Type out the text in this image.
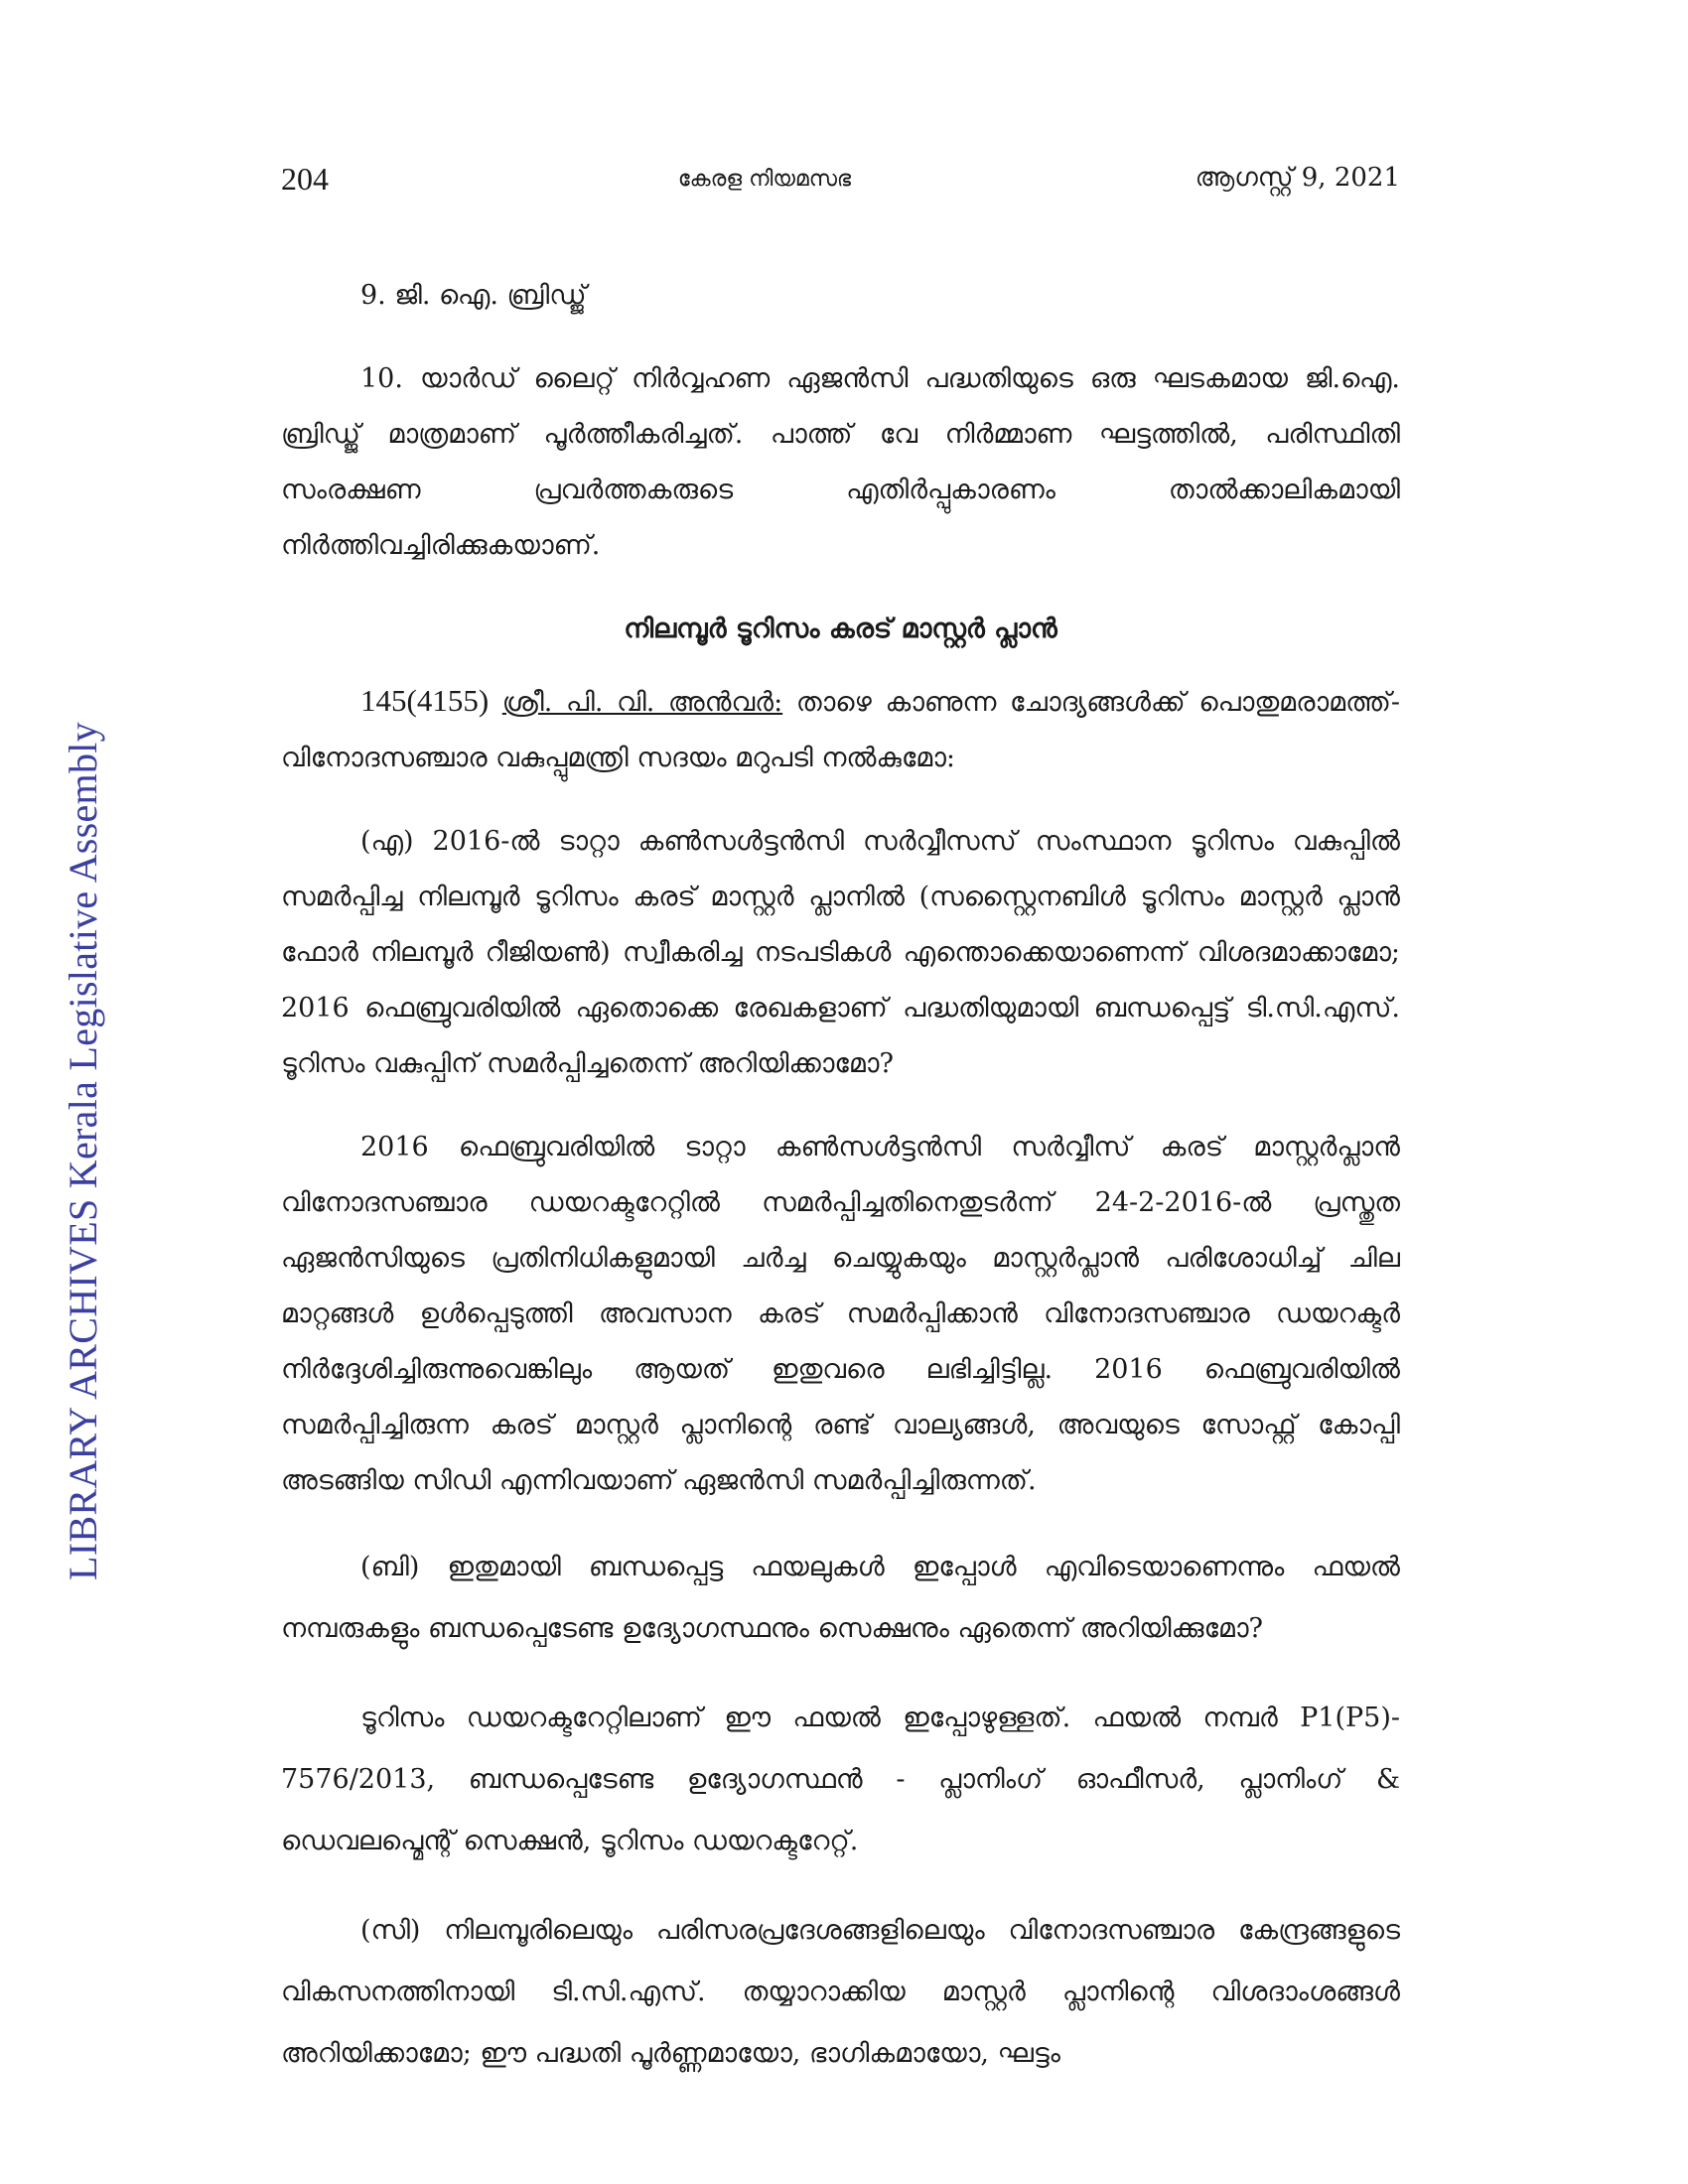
LIBRARY ARCHIVES Kerala Legislative Assembly
204	കേരള നിയമസഭ	ആഗസ്റ്റ് 9, 2021

9. ജി. ഐ. ബ്രിഡ്ജ്

10. യാർഡ് ലൈറ്റ് നിർവ്വഹണ ഏജൻസി പദ്ധതിയുടെ ഒരു ഘടകമായ ജി.ഐ. ബ്രിഡ്ജ് മാത്രമാണ് പൂർത്തീകരിച്ചത്. പാത്ത് വേ നിർമ്മാണ ഘട്ടത്തിൽ, പരിസ്ഥിതി സംരക്ഷണ പ്രവർത്തകരുടെ എതിർപ്പുകാരണം താൽക്കാലികമായി നിർത്തിവച്ചിരിക്കുകയാണ്.

നിലമ്പൂർ ടൂറിസം കരട് മാസ്റ്റർ പ്ലാൻ

145(4155) ശ്രീ. പി. വി. അൻവർ: താഴെ കാണുന്ന ചോദ്യങ്ങൾക്ക് പൊതുമരാമത്ത്-വിനോദസഞ്ചാര വകുപ്പുമന്ത്രി സദയം മറുപടി നൽകുമോ:

(എ) 2016-ൽ ടാറ്റാ കൺസൾട്ടൻസി സർവ്വീസസ് സംസ്ഥാന ടൂറിസം വകുപ്പിൽ സമർപ്പിച്ച നിലമ്പൂർ ടൂറിസം കരട് മാസ്റ്റർ പ്ലാനിൽ (സസ്റ്റൈനബിൾ ടൂറിസം മാസ്റ്റർ പ്ലാൻ ഫോർ നിലമ്പൂർ റീജിയൺ) സ്വീകരിച്ച നടപടികൾ എന്തൊക്കെയാണെന്ന് വിശദമാക്കാമോ; 2016 ഫെബ്രുവരിയിൽ ഏതൊക്കെ രേഖകളാണ് പദ്ധതിയുമായി ബന്ധപ്പെട്ട് ടി.സി.എസ്. ടൂറിസം വകുപ്പിന് സമർപ്പിച്ചതെന്ന് അറിയിക്കാമോ?

2016 ഫെബ്രുവരിയിൽ ടാറ്റാ കൺസൾട്ടൻസി സർവ്വീസ് കരട് മാസ്റ്റർപ്ലാൻ വിനോദസഞ്ചാര ഡയറക്ടറേറ്റിൽ സമർപ്പിച്ചതിനെതുടർന്ന് 24-2-2016-ൽ പ്രസ്തുത ഏജൻസിയുടെ പ്രതിനിധികളുമായി ചർച്ച ചെയ്യുകയും മാസ്റ്റർപ്ലാൻ പരിശോധിച്ച് ചില മാറ്റങ്ങൾ ഉൾപ്പെടുത്തി അവസാന കരട് സമർപ്പിക്കാൻ വിനോദസഞ്ചാര ഡയറക്ടർ നിർദ്ദേശിച്ചിരുന്നുവെങ്കിലും ആയത് ഇതുവരെ ലഭിച്ചിട്ടില്ല. 2016 ഫെബ്രുവരിയിൽ സമർപ്പിച്ചിരുന്ന കരട് മാസ്റ്റർ പ്ലാനിന്റെ രണ്ട് വാല്യങ്ങൾ, അവയുടെ സോഫ്റ്റ് കോപ്പി അടങ്ങിയ സിഡി എന്നിവയാണ് ഏജൻസി സമർപ്പിച്ചിരുന്നത്.

(ബി) ഇതുമായി ബന്ധപ്പെട്ട ഫയലുകൾ ഇപ്പോൾ എവിടെയാണെന്നും ഫയൽ നമ്പരുകളും ബന്ധപ്പെടേണ്ട ഉദ്യോഗസ്ഥനും സെക്ഷനും ഏതെന്ന് അറിയിക്കുമോ?

ടൂറിസം ഡയറക്ടറേറ്റിലാണ് ഈ ഫയൽ ഇപ്പോഴുള്ളത്. ഫയൽ നമ്പർ P1(P5)- 7576/2013, ബന്ധപ്പെടേണ്ട ഉദ്യോഗസ്ഥൻ - പ്ലാനിംഗ് ഓഫീസർ, പ്ലാനിംഗ് & ഡെവലപ്മെന്റ് സെക്ഷൻ, ടൂറിസം ഡയറക്ടറേറ്റ്.

(സി) നിലമ്പൂരിലെയും പരിസരപ്രദേശങ്ങളിലെയും വിനോദസഞ്ചാര കേന്ദ്രങ്ങളുടെ വികസനത്തിനായി ടി.സി.എസ്. തയ്യാറാക്കിയ മാസ്റ്റർ പ്ലാനിന്റെ വിശദാംശങ്ങൾ അറിയിക്കാമോ; ഈ പദ്ധതി പൂർണ്ണമായോ, ഭാഗികമായോ, ഘട്ടം
